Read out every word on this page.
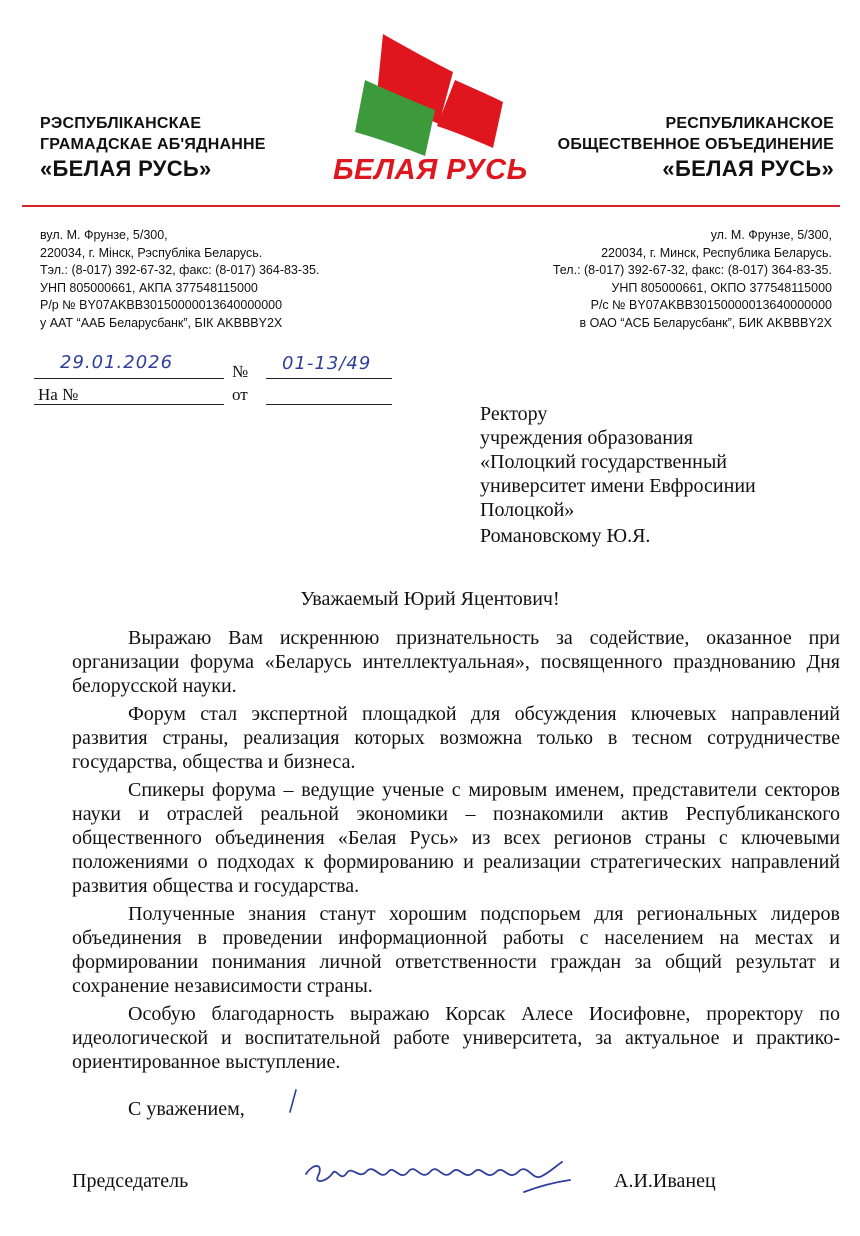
РЭСПУБЛІКАНСКАЕ
ГРАМАДСКАЕ АБ'ЯДНАННЕ
«БЕЛАЯ РУСЬ»	БЕЛАЯ РУСЬ
РЕСПУБЛИКАНСКОЕ
ОБЩЕСТВЕННОЕ ОБЪЕДИНЕНИЕ
«БЕЛАЯ РУСЬ»
вул. М. Фрунзе, 5/300,
220034, г. Мінск, Рэспубліка Беларусь.
Тэл.: (8-017) 392-67-32, факс: (8-017) 364-83-35.
УНП 805000661, АКПА 377548115000
Р/р № BY07AKBB30150000013640000000
у ААТ “ААБ Беларусбанк”, БІК AKBBBY2X
ул. М. Фрунзе, 5/300,
220034, г. Минск, Республика Беларусь.
Тел.: (8-017) 392-67-32, факс: (8-017) 364-83-35.
УНП 805000661, ОКПО 377548115000
Р/с № BY07AKBB30150000013640000000
в ОАО “АСБ Беларусбанк”, БИК AKBBBY2X
29.01.2026	№ 01-13/49
На №	от
Ректору
учреждения образования
«Полоцкий государственный
университет имени Евфросинии
Полоцкой»
Романовскому Ю.Я.
Уважаемый Юрий Яцентович!

Выражаю Вам искреннюю признательность за содействие, оказанное при организации форума «Беларусь интеллектуальная», посвященного празднованию Дня белорусской науки.

Форум стал экспертной площадкой для обсуждения ключевых направлений развития страны, реализация которых возможна только в тесном сотрудничестве государства, общества и бизнеса.

Спикеры форума – ведущие ученые с мировым именем, представители секторов науки и отраслей реальной экономики – познакомили актив Республиканского общественного объединения «Белая Русь» из всех регионов страны с ключевыми положениями о подходах к формированию и реализации стратегических направлений развития общества и государства.

Полученные знания станут хорошим подспорьем для региональных лидеров объединения в проведении информационной работы с населением на местах и формировании понимания личной ответственности граждан за общий результат и сохранение независимости страны.

Особую благодарность выражаю Корсак Алесе Иосифовне, проректору по идеологической и воспитательной работе университета, за актуальное и практико-ориентированное выступление.

С уважением,
Председатель	А.И.Иванец
